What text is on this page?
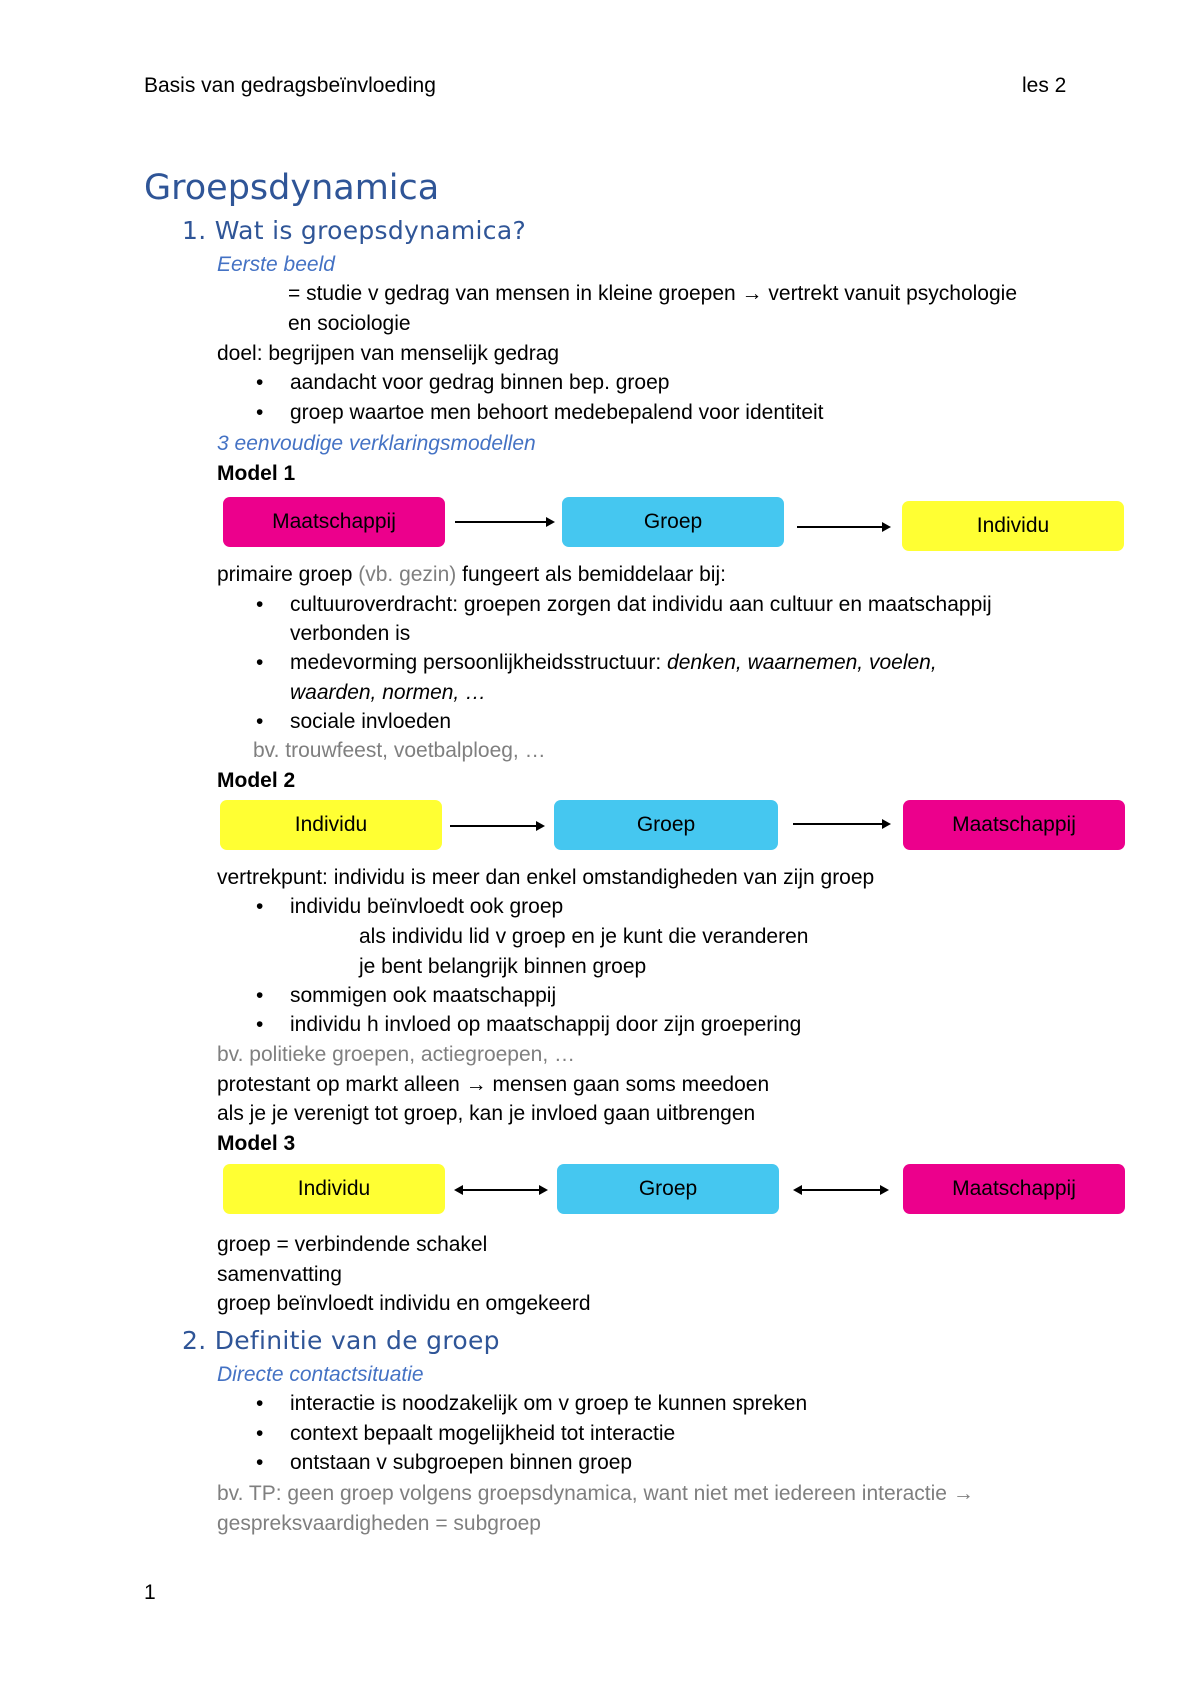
Basis van gedragsbeïnvloeding	les 2
Groepsdynamica
1. Wat is groepsdynamica?
Eerste beeld
= studie v gedrag van mensen in kleine groepen → vertrekt vanuit psychologie
en sociologie
doel: begrijpen van menselijk gedrag
• aandacht voor gedrag binnen bep. groep
• groep waartoe men behoort medebepalend voor identiteit
3 eenvoudige verklaringsmodellen
Model 1
Maatschappij	Groep	Individu
primaire groep (vb. gezin) fungeert als bemiddelaar bij:
• cultuuroverdracht: groepen zorgen dat individu aan cultuur en maatschappij
verbonden is
• medevorming persoonlijkheidsstructuur: denken, waarnemen, voelen,
waarden, normen, …
• sociale invloeden
bv. trouwfeest, voetbalploeg, …
Model 2
Individu	Groep	Maatschappij
vertrekpunt: individu is meer dan enkel omstandigheden van zijn groep
• individu beïnvloedt ook groep
als individu lid v groep en je kunt die veranderen
je bent belangrijk binnen groep
• sommigen ook maatschappij
• individu h invloed op maatschappij door zijn groepering
bv. politieke groepen, actiegroepen, …
protestant op markt alleen → mensen gaan soms meedoen
als je je verenigt tot groep, kan je invloed gaan uitbrengen
Model 3
Individu	Groep	Maatschappij
groep = verbindende schakel
samenvatting
groep beïnvloedt individu en omgekeerd
2. Definitie van de groep
Directe contactsituatie
• interactie is noodzakelijk om v groep te kunnen spreken
• context bepaalt mogelijkheid tot interactie
• ontstaan v subgroepen binnen groep
bv. TP: geen groep volgens groepsdynamica, want niet met iedereen interactie →
gespreksvaardigheden = subgroep
1
